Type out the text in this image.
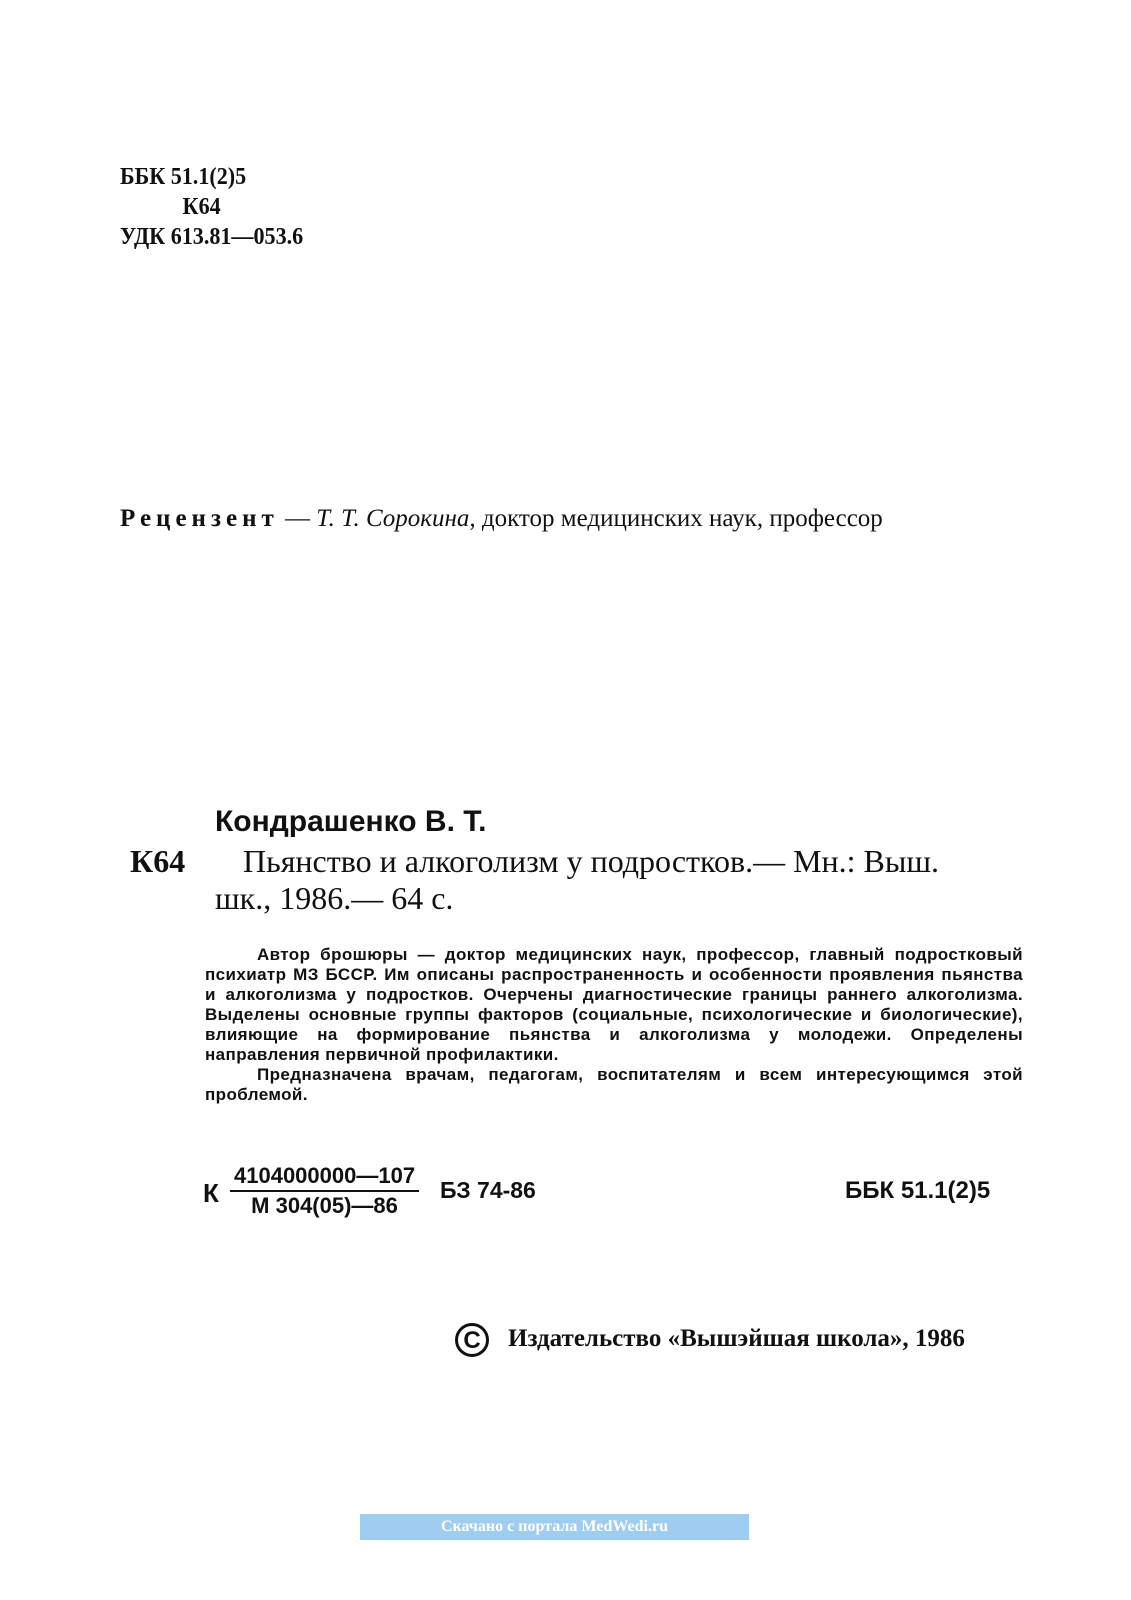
ББК 51.1(2)5
К64
УДК 613.81—053.6
Рецензент — Т. Т. Сорокина, доктор медицинских наук, профессор
Кондрашенко В. Т.
К64 Пьянство и алкоголизм у подростков.— Мн.: Выш.
шк., 1986.— 64 с.

Автор брошюры — доктор медицинских наук, профессор, главный подростковый психиатр МЗ БССР. Им описаны распространенность и особенности проявления пьянства и алкоголизма у подростков. Очерчены диагностические границы раннего алкоголизма. Выделены основные группы факторов (социальные, психологические и биологические), влияющие на формирование пьянства и алкоголизма у молодежи. Определены направления первичной профилактики.

Предназначена врачам, педагогам, воспитателям и всем интересующимся этой проблемой.

К
4104000000—107
М 304(05)—86
БЗ 74-86	ББК 51.1(2)5
C	Издательство «Вышэйшая школа», 1986
Скачано с портала MedWedi.ru
